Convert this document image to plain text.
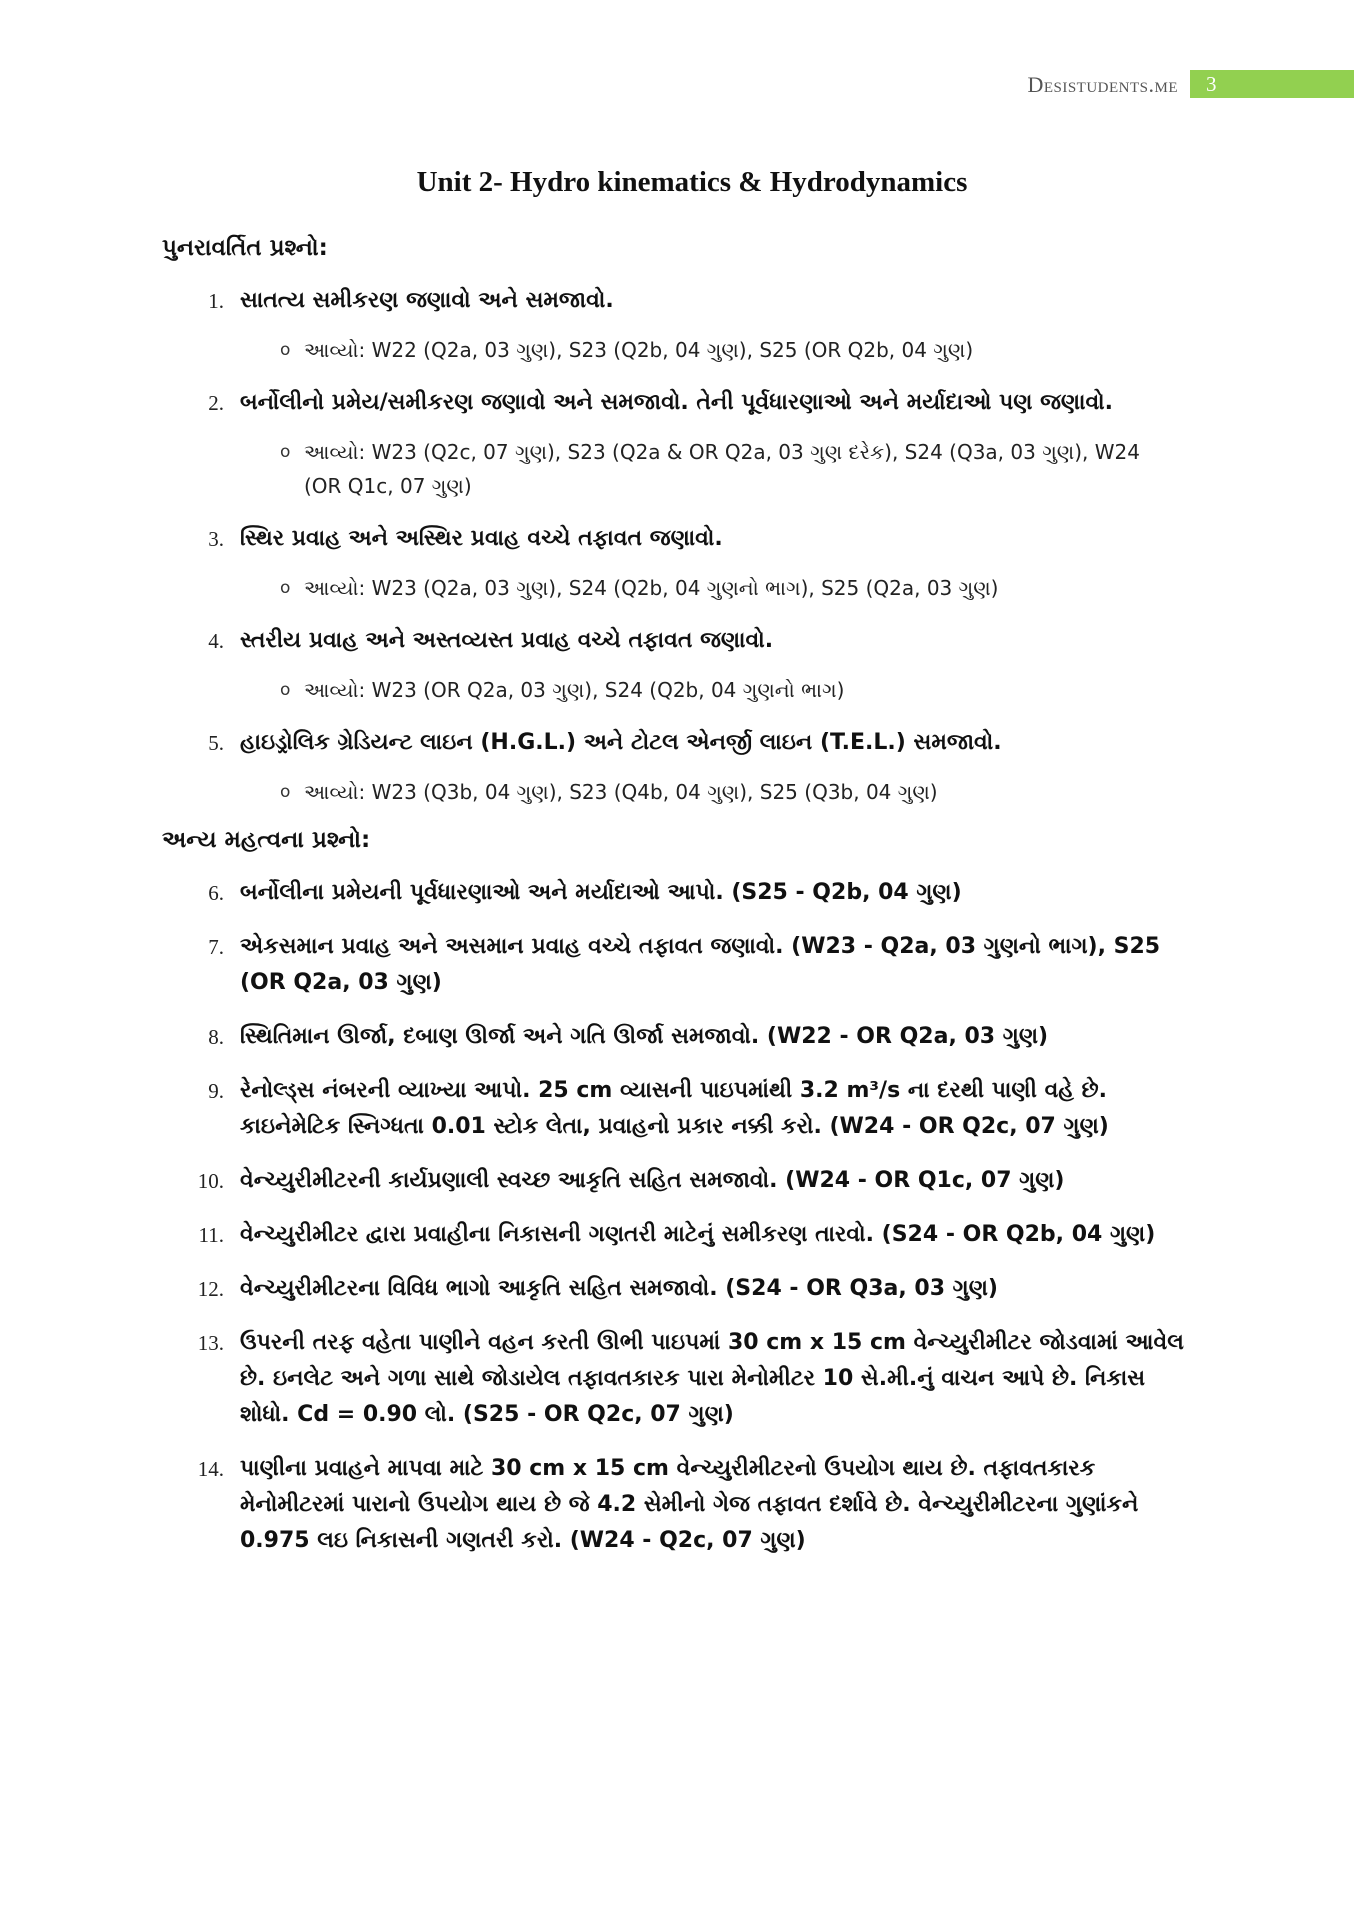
Desistudents.me	3
Unit 2- Hydro kinematics & Hydrodynamics
પુનરાવર્તિત પ્રશ્નો:
1. સાતત્ય સમીકરણ જણાવો અને સમજાવો.
o આવ્યો: W22 (Q2a, 03 ગુણ), S23 (Q2b, 04 ગુણ), S25 (OR Q2b, 04 ગુણ)
2. બર્નોલીનો પ્રમેય/સમીકરણ જણાવો અને સમજાવો. તેની પૂર્વધારણાઓ અને મર્યાદાઓ પણ જણાવો.
o આવ્યો: W23 (Q2c, 07 ગુણ), S23 (Q2a & OR Q2a, 03 ગુણ દરેક), S24 (Q3a, 03 ગુણ), W24 (OR Q1c, 07 ગુણ)
3. સ્થિર પ્રવાહ અને અસ્થિર પ્રવાહ વચ્ચે તફાવત જણાવો.
o આવ્યો: W23 (Q2a, 03 ગુણ), S24 (Q2b, 04 ગુણનો ભાગ), S25 (Q2a, 03 ગુણ)
4. સ્તરીય પ્રવાહ અને અસ્તવ્યસ્ત પ્રવાહ વચ્ચે તફાવત જણાવો.
o આવ્યો: W23 (OR Q2a, 03 ગુણ), S24 (Q2b, 04 ગુણનો ભાગ)
5. હાઇડ્રોલિક ગ્રેડિયન્ટ લાઇન (H.G.L.) અને ટોટલ એનર્જી લાઇન (T.E.L.) સમજાવો.
o આવ્યો: W23 (Q3b, 04 ગુણ), S23 (Q4b, 04 ગુણ), S25 (Q3b, 04 ગુણ)
અન્ય મહત્વના પ્રશ્નો:
6. બર્નોલીના પ્રમેયની પૂર્વધારણાઓ અને મર્યાદાઓ આપો. (S25 - Q2b, 04 ગુણ)
7. એકસમાન પ્રવાહ અને અસમાન પ્રવાહ વચ્ચે તફાવત જણાવો. (W23 - Q2a, 03 ગુણનો ભાગ), S25 (OR Q2a, 03 ગુણ)
8. સ્થિતિમાન ઊર્જા, દબાણ ઊર્જા અને ગતિ ઊર્જા સમજાવો. (W22 - OR Q2a, 03 ગુણ)
9. રેનોલ્ડ્સ નંબરની વ્યાખ્યા આપો. 25 cm વ્યાસની પાઇપમાંથી 3.2 m³/s ના દરથી પાણી વહે છે. કાઇનેમેટિક સ્નિગ્ધતા 0.01 સ્ટોક લેતા, પ્રવાહનો પ્રકાર નક્કી કરો. (W24 - OR Q2c, 07 ગુણ)
10. વેન્ચ્યુરીમીટરની કાર્યપ્રણાલી સ્વચ્છ આકૃતિ સહિત સમજાવો. (W24 - OR Q1c, 07 ગુણ)
11. વેન્ચ્યુરીમીટર દ્વારા પ્રવાહીના નિકાસની ગણતરી માટેનું સમીકરણ તારવો. (S24 - OR Q2b, 04 ગુણ)
12. વેન્ચ્યુરીમીટરના વિવિધ ભાગો આકૃતિ સહિત સમજાવો. (S24 - OR Q3a, 03 ગુણ)
13. ઉપરની તરફ વહેતા પાણીને વહન કરતી ઊભી પાઇપમાં 30 cm x 15 cm વેન્ચ્યુરીમીટર જોડવામાં આવેલ છે. ઇનલેટ અને ગળા સાથે જોડાયેલ તફાવતકારક પારા મેનોમીટર 10 સે.મી.નું વાચન આપે છે. નિકાસ શોધો. Cd = 0.90 લો. (S25 - OR Q2c, 07 ગુણ)
14. પાણીના પ્રવાહને માપવા માટે 30 cm x 15 cm વેન્ચ્યુરીમીટરનો ઉપયોગ થાય છે. તફાવતકારક મેનોમીટરમાં પારાનો ઉપયોગ થાય છે જે 4.2 સેમીનો ગેજ તફાવત દર્શાવે છે. વેન્ચ્યુરીમીટરના ગુણાંકને 0.975 લઇ નિકાસની ગણતરી કરો. (W24 - Q2c, 07 ગુણ)
